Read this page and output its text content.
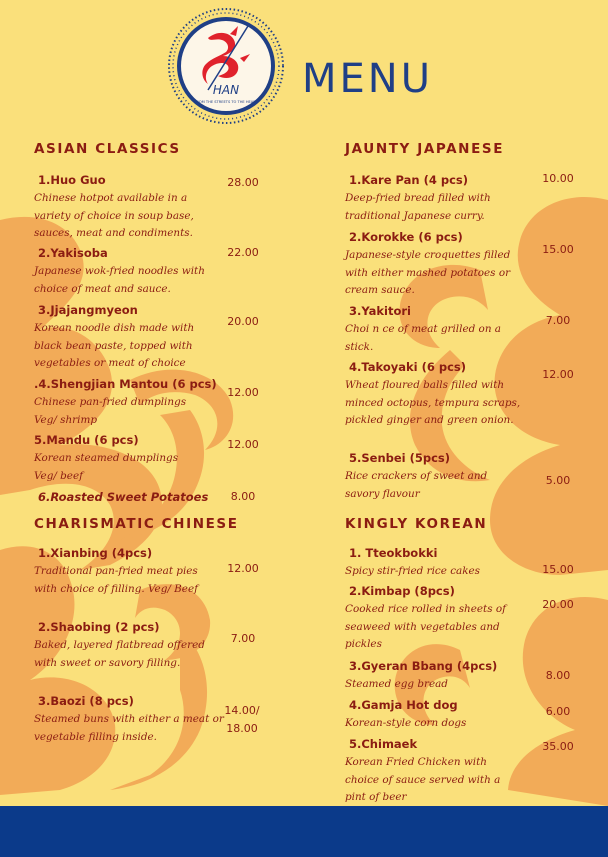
HAN
FROM THE STREETS TO THE HEART MENU
ASIAN CLASSICS
1.Huo Guo
Chinese hotpot available in a variety of choice in soup base, sauces, meat and condiments.
28.00
2.Yakisoba
Japanese wok-fried noodles with choice of meat and sauce.
22.00
3.Jjajangmyeon
Korean noodle dish made with black bean paste, topped with vegetables or meat of choice
20.00
.4.Shengjian Mantou (6 pcs)
Chinese pan-fried dumplings Veg/ shrimp
12.00
5.Mandu (6 pcs)
Korean steamed dumplings Veg/ beef
12.00
6.Roasted Sweet Potatoes	8.00
CHARISMATIC CHINESE
1.Xianbing (4pcs)
Traditional pan-fried meat pies with choice of filling. Veg/ Beef
12.00
2.Shaobing (2 pcs)
Baked, layered flatbread offered with sweet or savory filling.
7.00
3.Baozi (8 pcs)
Steamed buns with either a meat or vegetable filling inside.
14.00/ 18.00
JAUNTY JAPANESE
1.Kare Pan (4 pcs)
Deep-fried bread filled with traditional Japanese curry.
10.00
2.Korokke (6 pcs)
Japanese-style croquettes filled with either mashed potatoes or cream sauce.
15.00
3.Yakitori
Choi n ce of meat grilled on a stick.
7.00
4.Takoyaki (6 pcs)
Wheat floured balls filled with minced octopus, tempura scraps, pickled ginger and green onion.
12.00
5.Senbei (5pcs)
Rice crackers of sweet and savory flavour
5.00
KINGLY KOREAN
1. Tteokbokki
Spicy stir-fried rice cakes	15.00
2.Kimbap (8pcs)
Cooked rice rolled in sheets of seaweed with vegetables and pickles
20.00
3.Gyeran Bbang (4pcs)
Steamed egg bread
8.00
4.Gamja Hot dog
Korean-style corn dogs
6.00
5.Chimaek
Korean Fried Chicken with choice of sauce served with a pint of beer
35.00
